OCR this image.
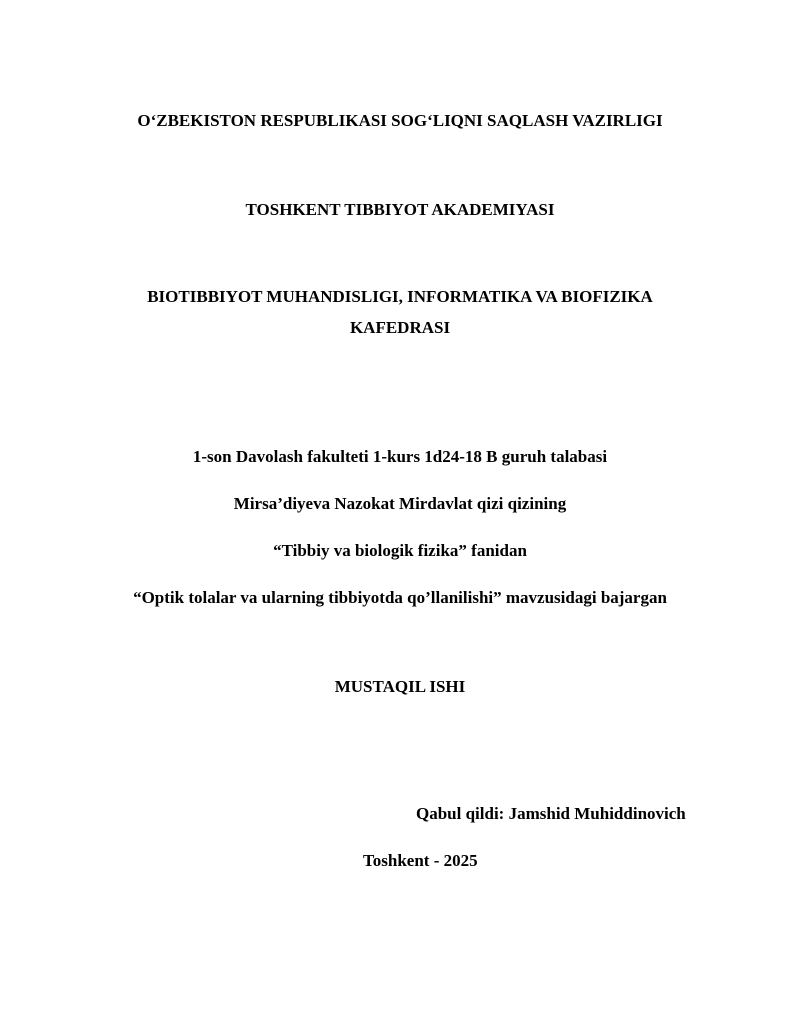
O‘ZBEKISTON RESPUBLIKASI SOG‘LIQNI SAQLASH VAZIRLIGI
TOSHKENT TIBBIYOT AKADEMIYASI
BIOTIBBIYOT MUHANDISLIGI, INFORMATIKA VA BIOFIZIKA
KAFEDRASI
1-son Davolash fakulteti 1-kurs 1d24-18 B guruh talabasi
Mirsa’diyeva Nazokat Mirdavlat qizi qizining
“Tibbiy va biologik fizika” fanidan
“Optik tolalar va ularning tibbiyotda qo’llanilishi” mavzusidagi bajargan
MUSTAQIL ISHI
Qabul qildi: Jamshid Muhiddinovich
Toshkent - 2025
